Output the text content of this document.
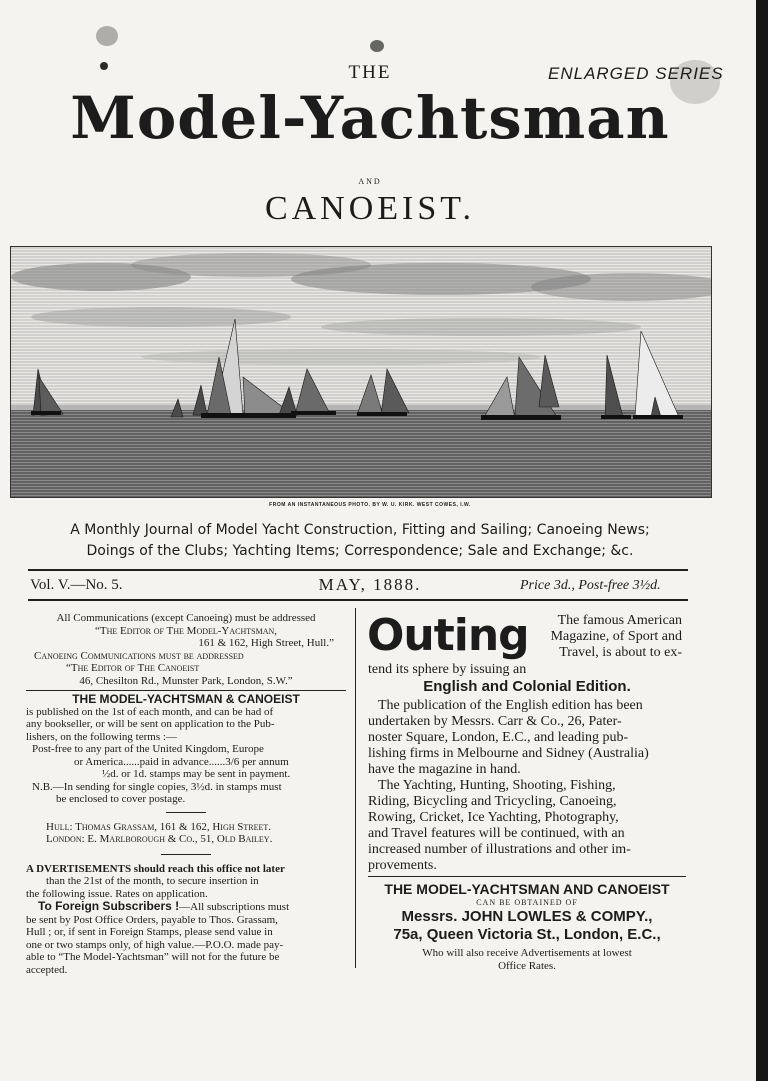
THE	ENLARGED SERIES
Model-Yachtsman
AND
CANOEIST.
FROM AN INSTANTANEOUS PHOTO. BY W. U. KIRK. WEST COWES, I.W.
A Monthly Journal of Model Yacht Construction, Fitting and Sailing; Canoeing News;
Doings of the Clubs; Yachting Items; Correspondence; Sale and Exchange; &c.
Vol. V.—No. 5.	MAY, 1888.	Price 3d., Post-free 3½d.
All Communications (except Canoeing) must be addressed
“The Editor of The Model-Yachtsman,
161 & 162, High Street, Hull.”
Canoeing Communications must be addressed
“The Editor of The Canoeist
46, Chesilton Rd., Munster Park, London, S.W.”
THE MODEL-YACHTSMAN & CANOEIST
is published on the 1st of each month, and can be had of
any bookseller, or will be sent on application to the Pub-
lishers, on the following terms :—
Post-free to any part of the United Kingdom, Europe
or America......paid in advance......3/6 per annum
½d. or 1d. stamps may be sent in payment.
N.B.—In sending for single copies, 3½d. in stamps must
be enclosed to cover postage.
Hull: Thomas Grassam, 161 & 162, High Street.
London: E. Marlborough & Co., 51, Old Bailey.
A DVERTISEMENTS should reach this office not later
than the 21st of the month, to secure insertion in
the following issue. Rates on application.
To Foreign Subscribers !—All subscriptions must
be sent by Post Office Orders, payable to Thos. Grassam,
Hull ; or, if sent in Foreign Stamps, please send value in
one or two stamps only, of high value.—P.O.O. made pay-
able to “The Model-Yachtsman” will not for the future be
accepted.
Outing	The famous American
Magazine, of Sport and
Travel, is about to ex-
tend its sphere by issuing an
English and Colonial Edition.
The publication of the English edition has been
undertaken by Messrs. Carr & Co., 26, Pater-
noster Square, London, E.C., and leading pub-
lishing firms in Melbourne and Sidney (Australia)
have the magazine in hand.
The Yachting, Hunting, Shooting, Fishing,
Riding, Bicycling and Tricycling, Canoeing,
Rowing, Cricket, Ice Yachting, Photography,
and Travel features will be continued, with an
increased number of illustrations and other im-
provements.
THE MODEL-YACHTSMAN AND CANOEIST
CAN BE OBTAINED OF
Messrs. JOHN LOWLES & COMPY.,
75a, Queen Victoria St., London, E.C.,
Who will also receive Advertisements at lowest
Office Rates.
